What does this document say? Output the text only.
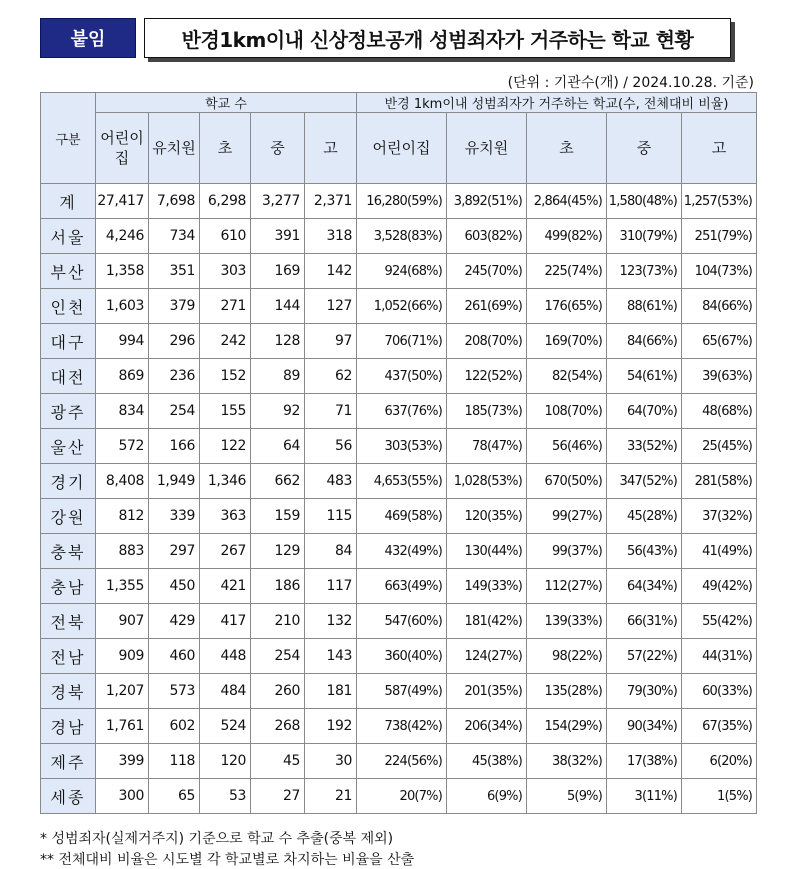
붙임	반경1km이내 신상정보공개 성범죄자가 거주하는 학교 현황
(단위 : 기관수(개) / 2024.10.28. 기준)
구분	학교 수					반경 1km이내 성범죄자가 거주하는 학교(수, 전체대비 비율)				
	어린이집	유치원	초	중	고	어린이집	유치원	초	중	고
계	27,417	7,698	6,298	3,277	2,371	16,280(59%)	3,892(51%)	2,864(45%)	1,580(48%)	1,257(53%)
서울	4,246	734	610	391	318	3,528(83%)	603(82%)	499(82%)	310(79%)	251(79%)
부산	1,358	351	303	169	142	924(68%)	245(70%)	225(74%)	123(73%)	104(73%)
인천	1,603	379	271	144	127	1,052(66%)	261(69%)	176(65%)	88(61%)	84(66%)
대구	994	296	242	128	97	706(71%)	208(70%)	169(70%)	84(66%)	65(67%)
대전	869	236	152	89	62	437(50%)	122(52%)	82(54%)	54(61%)	39(63%)
광주	834	254	155	92	71	637(76%)	185(73%)	108(70%)	64(70%)	48(68%)
울산	572	166	122	64	56	303(53%)	78(47%)	56(46%)	33(52%)	25(45%)
경기	8,408	1,949	1,346	662	483	4,653(55%)	1,028(53%)	670(50%)	347(52%)	281(58%)
강원	812	339	363	159	115	469(58%)	120(35%)	99(27%)	45(28%)	37(32%)
충북	883	297	267	129	84	432(49%)	130(44%)	99(37%)	56(43%)	41(49%)
충남	1,355	450	421	186	117	663(49%)	149(33%)	112(27%)	64(34%)	49(42%)
전북	907	429	417	210	132	547(60%)	181(42%)	139(33%)	66(31%)	55(42%)
전남	909	460	448	254	143	360(40%)	124(27%)	98(22%)	57(22%)	44(31%)
경북	1,207	573	484	260	181	587(49%)	201(35%)	135(28%)	79(30%)	60(33%)
경남	1,761	602	524	268	192	738(42%)	206(34%)	154(29%)	90(34%)	67(35%)
제주	399	118	120	45	30	224(56%)	45(38%)	38(32%)	17(38%)	6(20%)
세종	300	65	53	27	21	20(7%)	6(9%)	5(9%)	3(11%)	1(5%)
* 성범죄자(실제거주지) 기준으로 학교 수 추출(중복 제외)
** 전체대비 비율은 시도별 각 학교별로 차지하는 비율을 산출
